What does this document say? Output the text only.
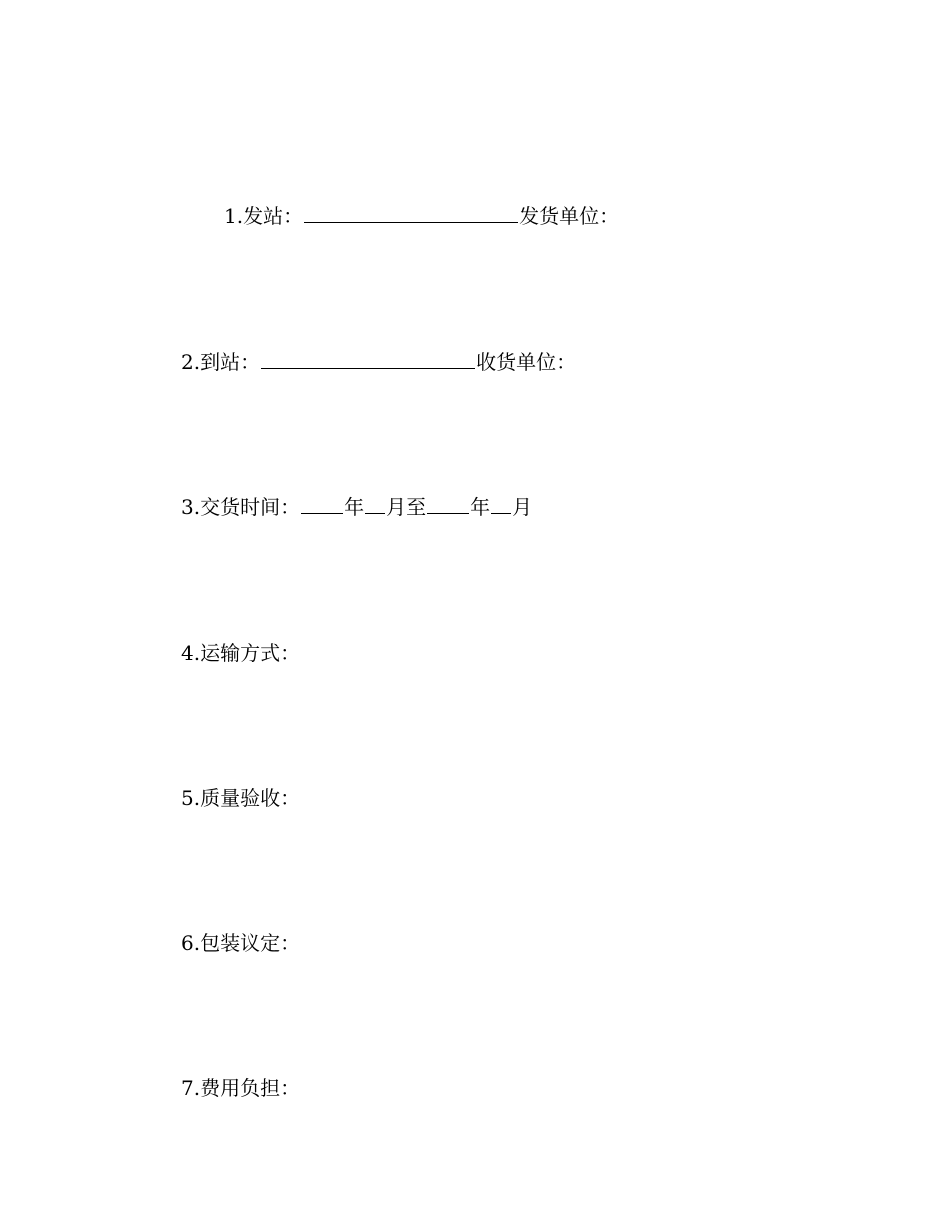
1. 发站：	发货单位：
2. 到站：	收货单位：
3. 交货时间： 年 月至 年 月
4. 运输方式：
5. 质量验收：
6. 包装议定：
7. 费用负担：
